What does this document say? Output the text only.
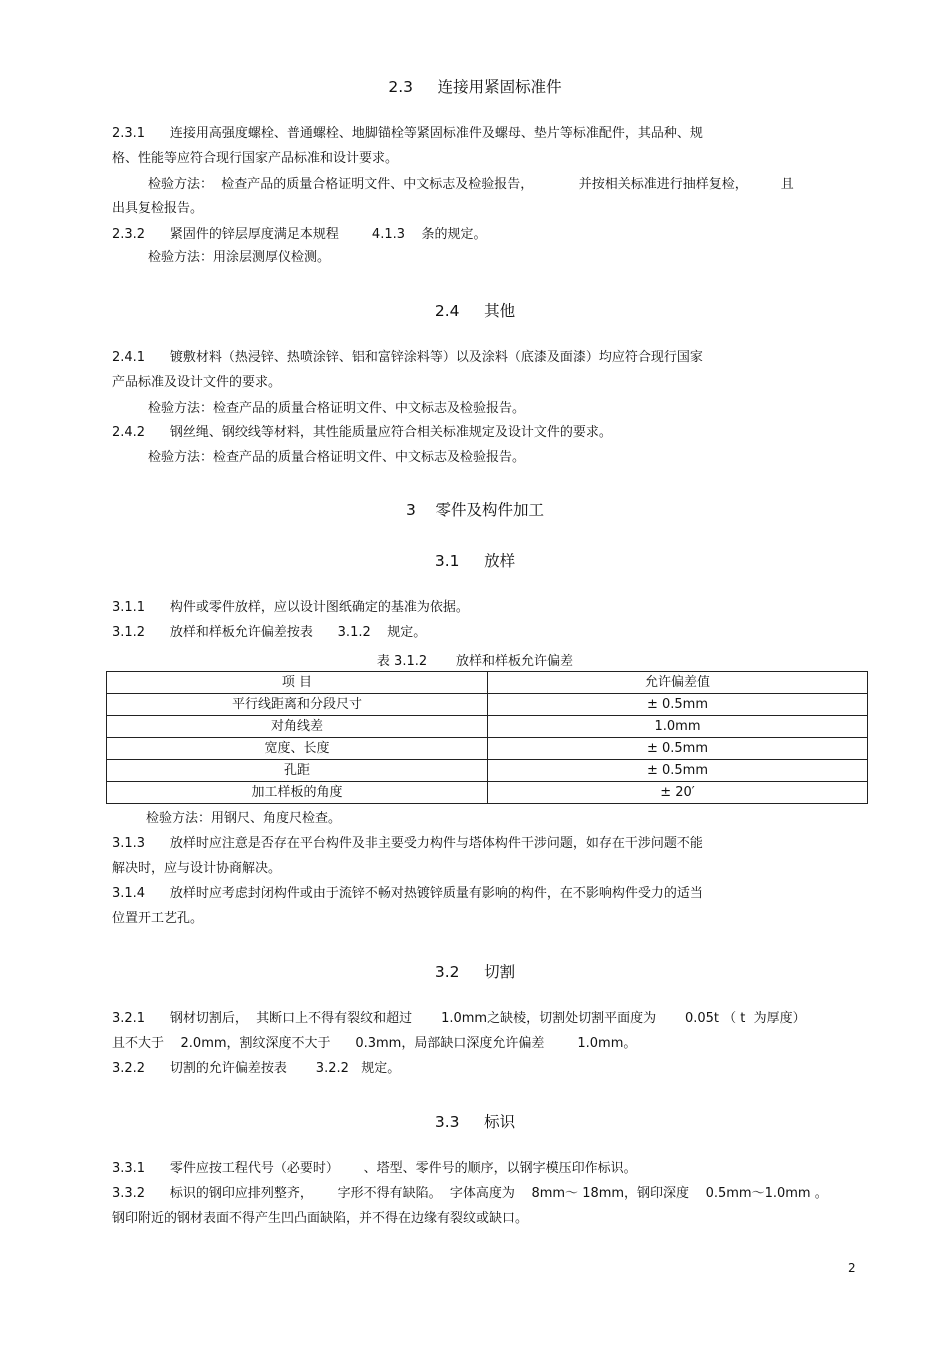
2.3     连接用紧固标准件
2.3.1      连接用高强度螺栓、普通螺栓、地脚锚栓等紧固标准件及螺母、垫片等标准配件，其品种、规
格、性能等应符合现行国家产品标准和设计要求。
检验方法：  检查产品的质量合格证明文件、中文标志及检验报告，           并按相关标准进行抽样复检，        且
出具复检报告。
2.3.2      紧固件的锌层厚度满足本规程        4.1.3    条的规定。
检验方法：用涂层测厚仪检测。
2.4     其他
2.4.1      镀敷材料（热浸锌、热喷涂锌、铝和富锌涂料等）以及涂料（底漆及面漆）均应符合现行国家
产品标准及设计文件的要求。
检验方法：检查产品的质量合格证明文件、中文标志及检验报告。
2.4.2      钢丝绳、钢绞线等材料，其性能质量应符合相关标准规定及设计文件的要求。
检验方法：检查产品的质量合格证明文件、中文标志及检验报告。
3    零件及构件加工
3.1     放样
3.1.1      构件或零件放样，应以设计图纸确定的基准为依据。
3.1.2      放样和样板允许偏差按表      3.1.2    规定。
表 3.1.2       放样和样板允许偏差
项 目	允许偏差值
平行线距离和分段尺寸	± 0.5mm
对角线差	1.0mm
宽度、长度	± 0.5mm
孔距	± 0.5mm
加工样板的角度	± 20′
检验方法：用钢尺、角度尺检查。
3.1.3      放样时应注意是否存在平台构件及非主要受力构件与塔体构件干涉问题，如存在干涉问题不能
解决时，应与设计协商解决。
3.1.4      放样时应考虑封闭构件或由于流锌不畅对热镀锌质量有影响的构件，在不影响构件受力的适当
位置开工艺孔。
3.2     切割
3.2.1      钢材切割后，  其断口上不得有裂纹和超过       1.0mm之缺棱，切割处切割平面度为       0.05t （ t  为厚度）
且不大于    2.0mm，割纹深度不大于      0.3mm，局部缺口深度允许偏差        1.0mm。
3.2.2      切割的允许偏差按表       3.2.2   规定。
3.3     标识
3.3.1      零件应按工程代号（必要时）      、塔型、零件号的顺序，以钢字模压印作标识。
3.3.2      标识的钢印应排列整齐，      字形不得有缺陷。  字体高度为    8mm～ 18mm，钢印深度    0.5mm～1.0mm 。
钢印附近的钢材表面不得产生凹凸面缺陷，并不得在边缘有裂纹或缺口。
2
